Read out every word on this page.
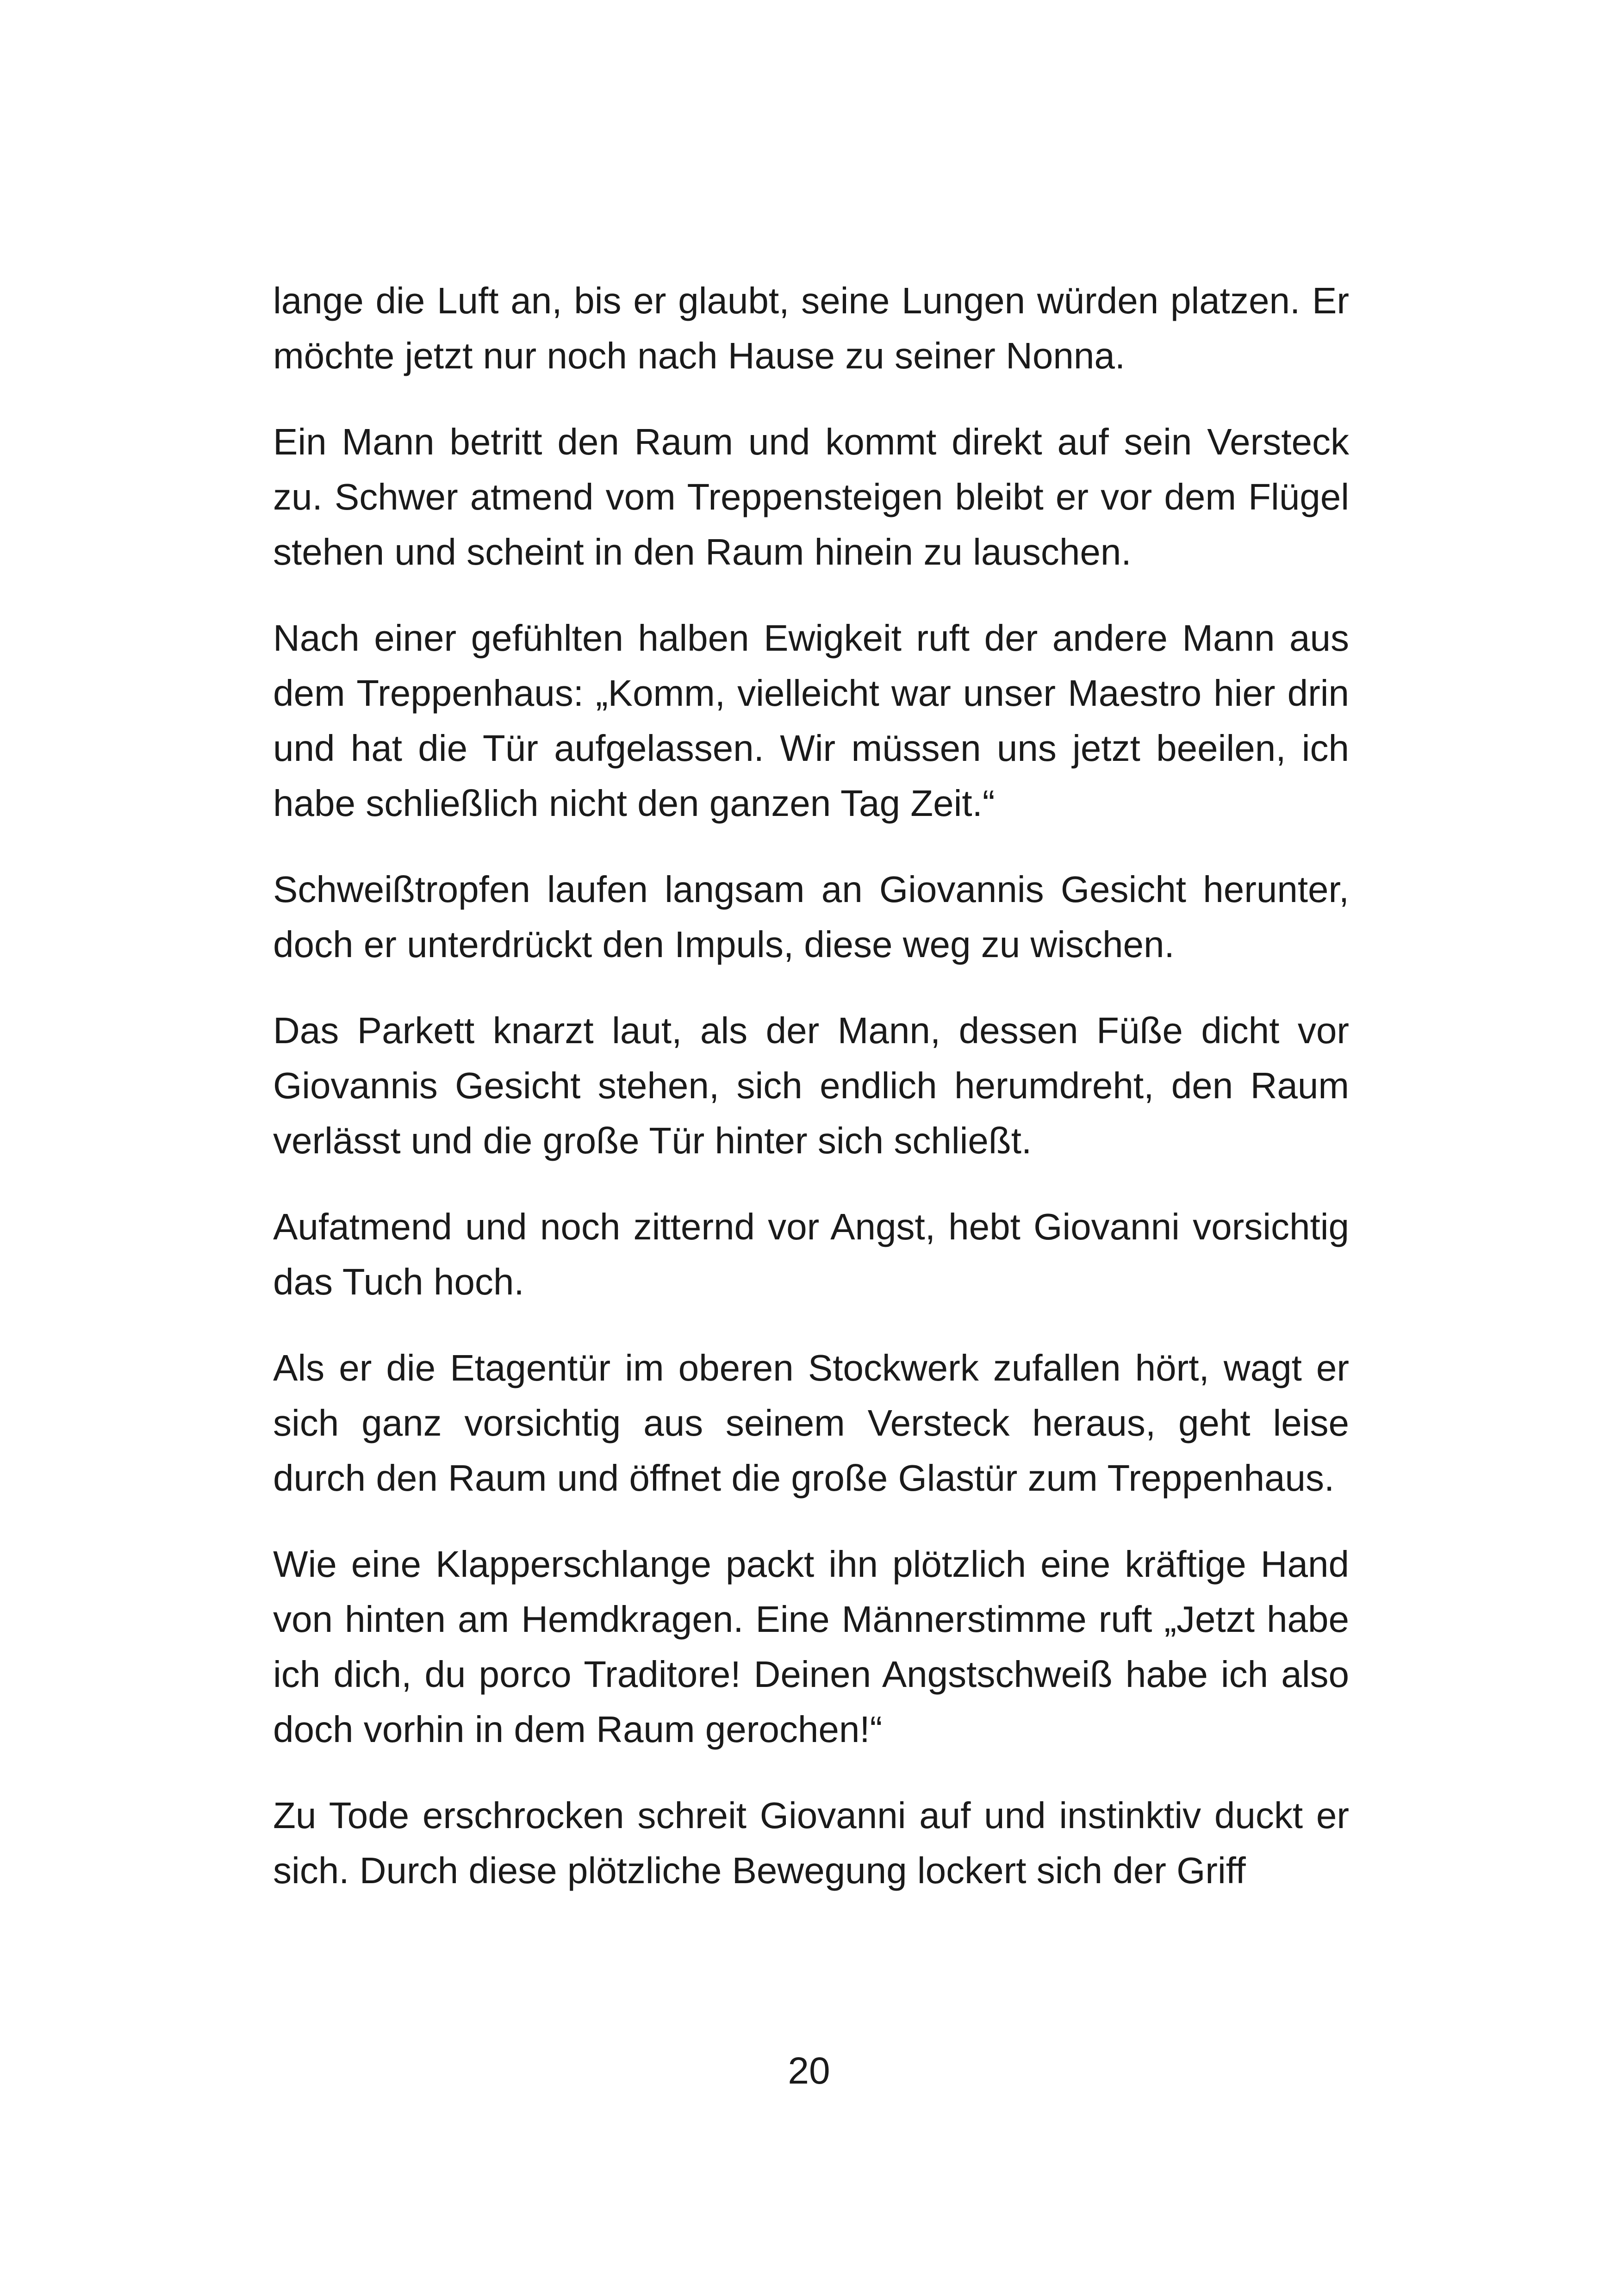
lange die Luft an, bis er glaubt, seine Lungen würden platzen. Er möchte jetzt nur noch nach Hause zu seiner Nonna.

Ein Mann betritt den Raum und kommt direkt auf sein Versteck zu. Schwer atmend vom Treppensteigen bleibt er vor dem Flügel stehen und scheint in den Raum hinein zu lauschen.

Nach einer gefühlten halben Ewigkeit ruft der andere Mann aus dem Treppenhaus: „Komm, vielleicht war unser Maestro hier drin und hat die Tür aufgelassen. Wir müssen uns jetzt beeilen, ich habe schließlich nicht den ganzen Tag Zeit.“

Schweißtropfen laufen langsam an Giovannis Gesicht herunter, doch er unterdrückt den Impuls, diese weg zu wischen.

Das Parkett knarzt laut, als der Mann, dessen Füße dicht vor Giovannis Gesicht stehen, sich endlich herumdreht, den Raum verlässt und die große Tür hinter sich schließt.

Aufatmend und noch zitternd vor Angst, hebt Giovanni vorsichtig das Tuch hoch.

Als er die Etagentür im oberen Stockwerk zufallen hört, wagt er sich ganz vorsichtig aus seinem Versteck heraus, geht leise durch den Raum und öffnet die große Glastür zum Treppenhaus.

Wie eine Klapperschlange packt ihn plötzlich eine kräftige Hand von hinten am Hemdkragen. Eine Männerstimme ruft „Jetzt habe ich dich, du porco Traditore! Deinen Angstschweiß habe ich also doch vorhin in dem Raum gerochen!“

Zu Tode erschrocken schreit Giovanni auf und instinktiv duckt er sich. Durch diese plötzliche Bewegung lockert sich der Griff

20
